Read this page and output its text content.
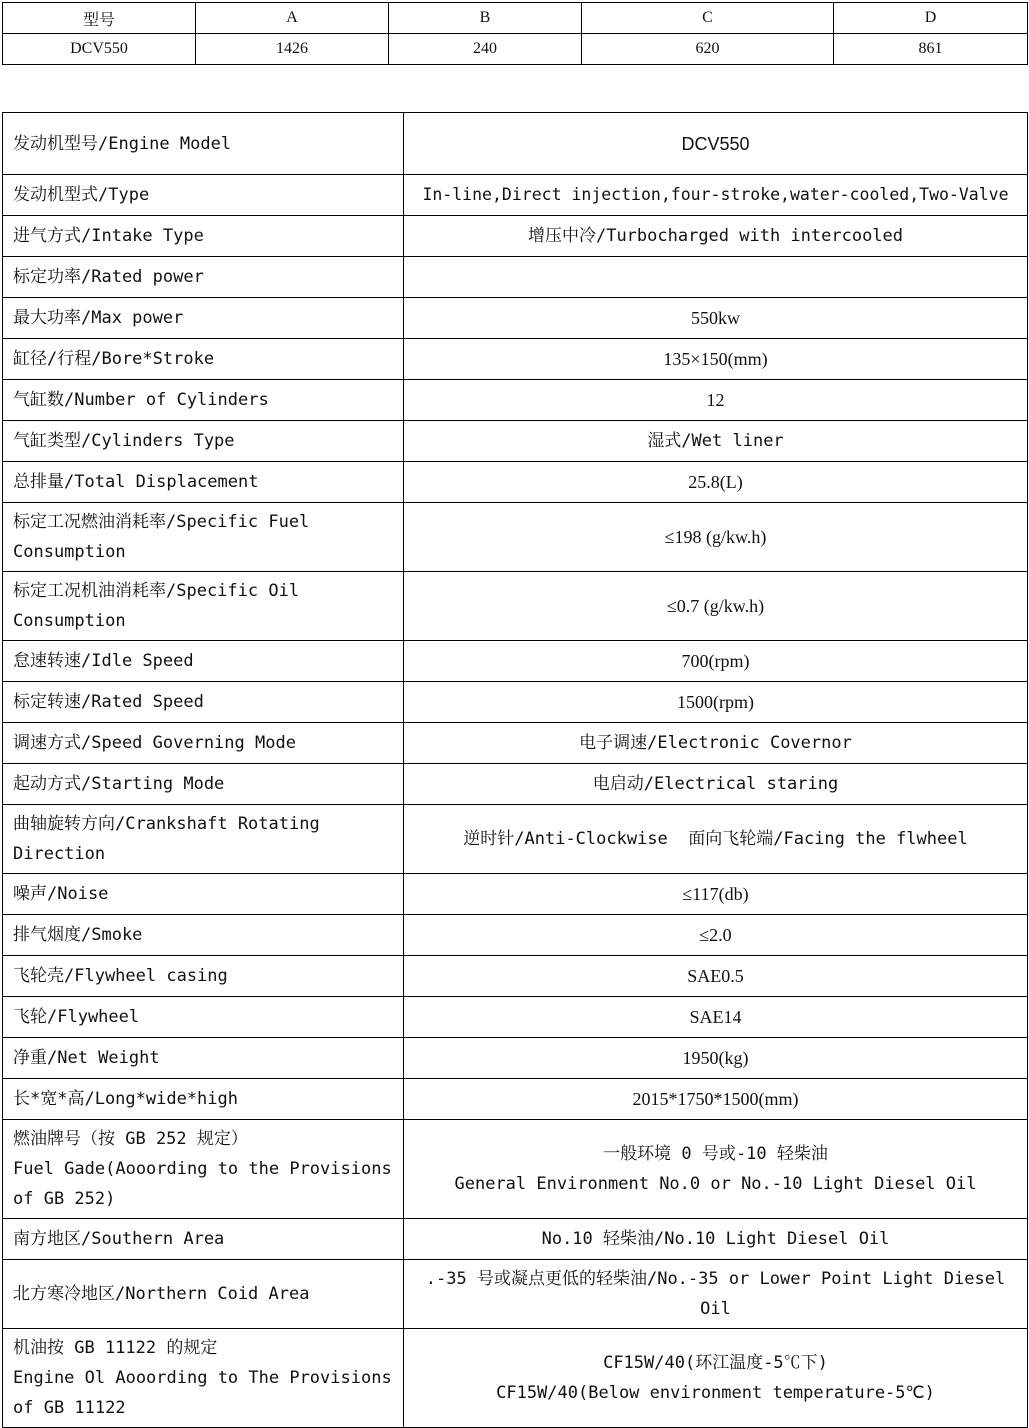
型号	A	B	C	D
DCV550	1426	240	620	861
发动机型号/Engine Model	DCV550
发动机型式/Type	In-line,Direct injection,four-stroke,water-cooled,Two-Valve
进气方式/Intake Type	增压中冷/Turbocharged with intercooled
标定功率/Rated power	
最大功率/Max power	550kw
缸径/行程/Bore*Stroke	135×150(mm)
气缸数/Number of Cylinders	12
气缸类型/Cylinders Type	湿式/Wet liner
总排量/Total Displacement	25.8(L)

标定工况燃油消耗率/Specific Fuel
Consumption	≤198 (g/kw.h)

标定工况机油消耗率/Specific Oil
Consumption	≤0.7 (g/kw.h)
怠速转速/Idle Speed	700(rpm)
标定转速/Rated Speed	1500(rpm)
调速方式/Speed Governing Mode	电子调速/Electronic Covernor
起动方式/Starting Mode	电启动/Electrical staring

曲轴旋转方向/Crankshaft Rotating
Direction	逆时针/Anti-Clockwise  面向飞轮端/Facing the flwheel
噪声/Noise	≤117(db)
排气烟度/Smoke	≤2.0
飞轮壳/Flywheel casing	SAE0.5
飞轮/Flywheel	SAE14
净重/Net Weight	1950(kg)
长*宽*高/Long*wide*high	2015*1750*1500(mm)

燃油牌号（按 GB 252 规定）
Fuel Gade(Aooording to the Provisions
of GB 252)	一般环境 0 号或-10 轻柴油
General Environment No.0 or No.-10 Light Diesel Oil

南方地区/Southern Area	No.10 轻柴油/No.10 Light Diesel Oil
北方寒冷地区/Northern Coid Area	.-35 号或凝点更低的轻柴油/No.-35 or Lower Point Light Diesel
Oil

机油按 GB 11122 的规定
Engine Ol Aooording to The Provisions
of GB 11122	CF15W/40(环江温度-5℃下)
CF15W/40(Below environment temperature-5℃)
